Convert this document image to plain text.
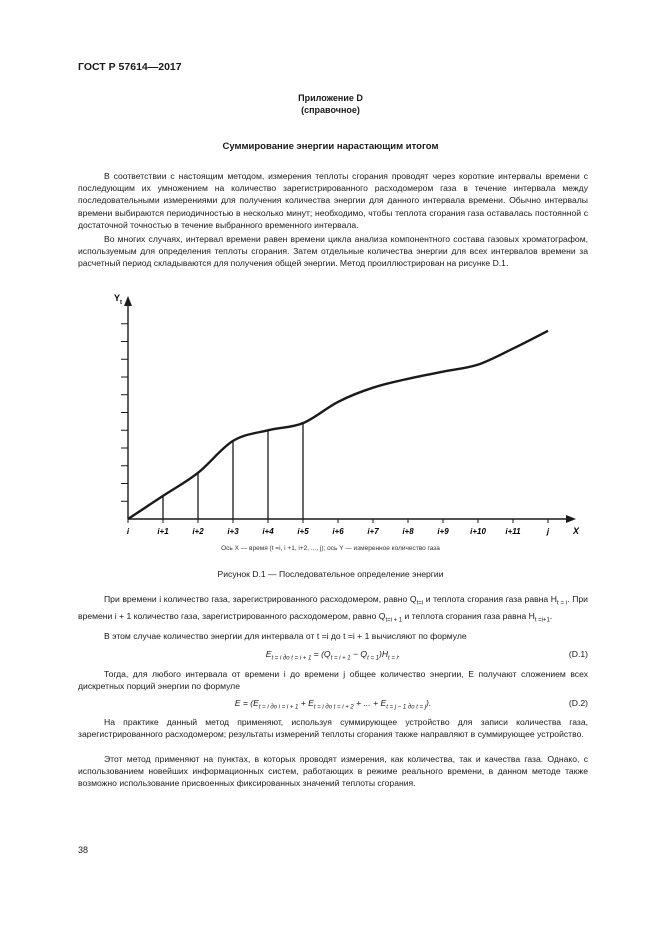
ГОСТ Р 57614—2017
Приложение D
(справочное)
Суммирование энергии нарастающим итогом

В соответствии с настоящим методом, измерения теплоты сгорания проводят через короткие интервалы времени с последующим их умножением на количество зарегистрированного расходомером газа в течение интервала между последовательными измерениями для получения количества энергии для данного интервала времени. Обычно интервалы времени выбираются периодичностью в несколько минут; необходимо, чтобы теплота сгорания газа оставалась постоянной с достаточной точностью в течение выбранного временного интервала.

Во многих случаях, интервал времени равен времени цикла анализа компонентного состава газовых хроматографом, используемым для определения теплоты сгорания. Затем отдельные количества энергии для всех интервалов времени за расчетный период складываются для получения общей энергии. Метод проиллюстрирован на рисунке D.1.

$Y_t$
X
i	i+1	i+2	i+3	i+4	i+5	i+6	i+7	i+8	i+9	i+10 i+11	j
Ось X — время (t =i, i +1, i+2, ..., j); ось Y — измеренное количество газа
Рисунок D.1 — Последовательное определение энергии

При времени i количество газа, зарегистрированного расходомером, равно $Q_{t=i}$ и теплота сгорания газа равна $H_{t = i}$. При времени i + 1 количество газа, зарегистрированного расходомером, равно $Q_{t=i + 1}$ и теплота сгорания газа равна $H_{t =i+1}$.

В этом случае количество энергии для интервала от t =i до t =i + 1 вычисляют по формуле

$E_{t = i до t = i + 1} = (Q_{t = i + 1} - Q_{t = 1})H_{t = i}$.	(D.1)

Тогда, для любого интервала от времени i до времени j общее количество энергии, E получают сложением всех дискретных порций энергии по формуле

$E = (E_{t = i до i = i + 1} + E_{t = i до t = i + 2}$ + ... + $E_{t = j - 1 до t = j}$).	(D.2)

На практике данный метод применяют, используя суммирующее устройство для записи количества газа, зарегистрированного расходомером; результаты измерений теплоты сгорания также направляют в суммирующее устройство.

Этот метод применяют на пунктах, в которых проводят измерения, как количества, так и качества газа. Однако, с использованием новейших информационных систем, работающих в режиме реального времени, в данном методе также возможно использование присвоенных фиксированных значений теплоты сгорания.

38
